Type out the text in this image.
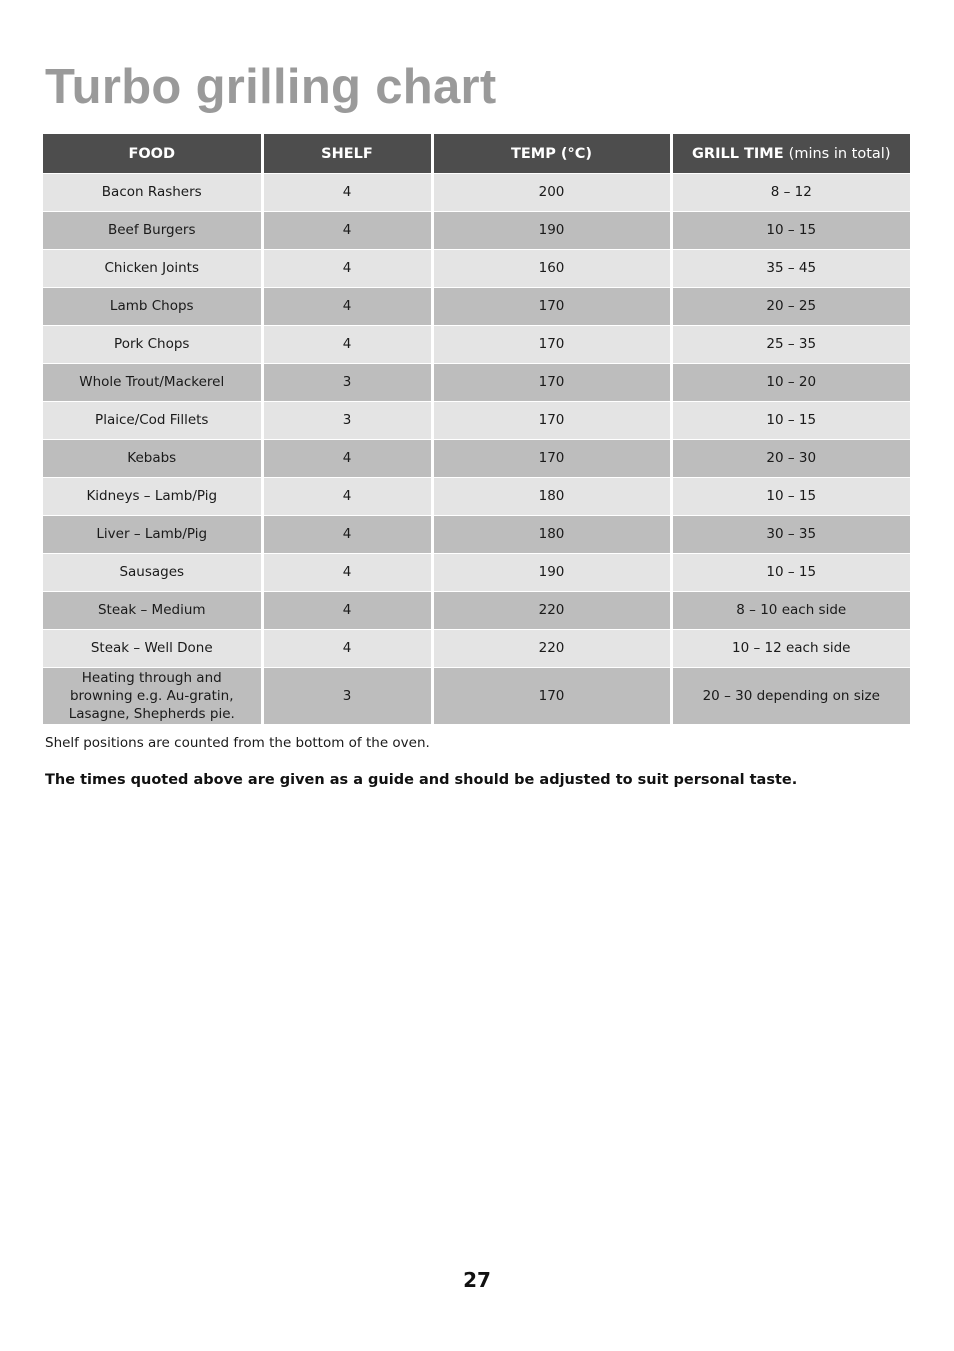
Turbo grilling chart
FOOD	SHELF	TEMP (°C)	GRILL TIME (mins in total)
Bacon Rashers	4	200	8 – 12
Beef Burgers	4	190	10 – 15
Chicken Joints	4	160	35 – 45
Lamb Chops	4	170	20 – 25
Pork Chops	4	170	25 – 35
Whole Trout/Mackerel	3	170	10 – 20
Plaice/Cod Fillets	3	170	10 – 15
Kebabs	4	170	20 – 30
Kidneys – Lamb/Pig	4	180	10 – 15
Liver – Lamb/Pig	4	180	30 – 35
Sausages	4	190	10 – 15
Steak – Medium	4	220	8 – 10 each side
Steak – Well Done	4	220	10 – 12 each side
Heating through and browning e.g. Au-gratin, Lasagne, Shepherds pie.	3	170	20 – 30 depending on size

Shelf positions are counted from the bottom of the oven.

The times quoted above are given as a guide and should be adjusted to suit personal taste.

27
